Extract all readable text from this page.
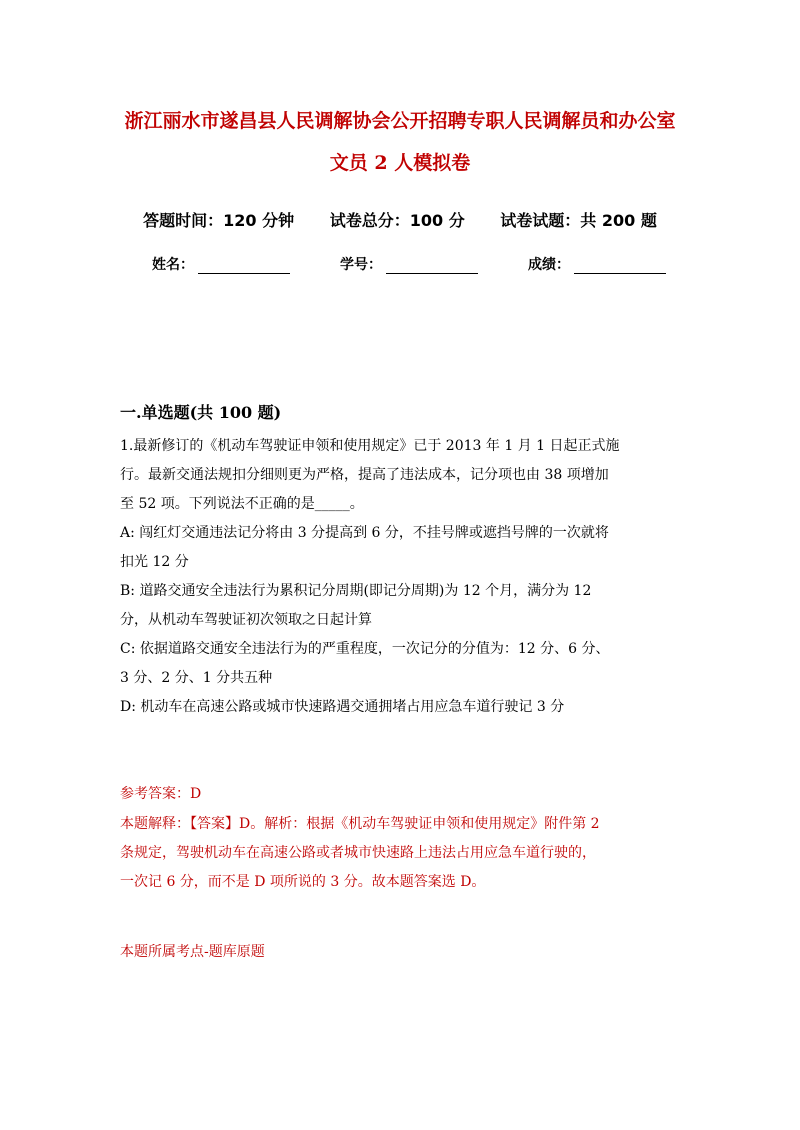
浙江丽水市遂昌县人民调解协会公开招聘专职人民调解员和办公室
文员 2 人模拟卷
答题时间：120 分钟 试卷总分：100 分 试卷试题：共 200 题
姓名：	学号：	成绩：
一.单选题(共 100 题)
1.最新修订的《机动车驾驶证申领和使用规定》已于 2013 年 1 月 1 日起正式施
行。最新交通法规扣分细则更为严格，提高了违法成本，记分项也由 38 项增加
至 52 项。下列说法不正确的是_____。
A: 闯红灯交通违法记分将由 3 分提高到 6 分，不挂号牌或遮挡号牌的一次就将
扣光 12 分
B: 道路交通安全违法行为累积记分周期(即记分周期)为 12 个月，满分为 12
分，从机动车驾驶证初次领取之日起计算
C: 依据道路交通安全违法行为的严重程度，一次记分的分值为：12 分、6 分、
3 分、2 分、1 分共五种
D: 机动车在高速公路或城市快速路遇交通拥堵占用应急车道行驶记 3 分
参考答案：D
本题解释：【答案】D。解析：根据《机动车驾驶证申领和使用规定》附件第 2
条规定，驾驶机动车在高速公路或者城市快速路上违法占用应急车道行驶的，
一次记 6 分，而不是 D 项所说的 3 分。故本题答案选 D。
本题所属考点-题库原题
